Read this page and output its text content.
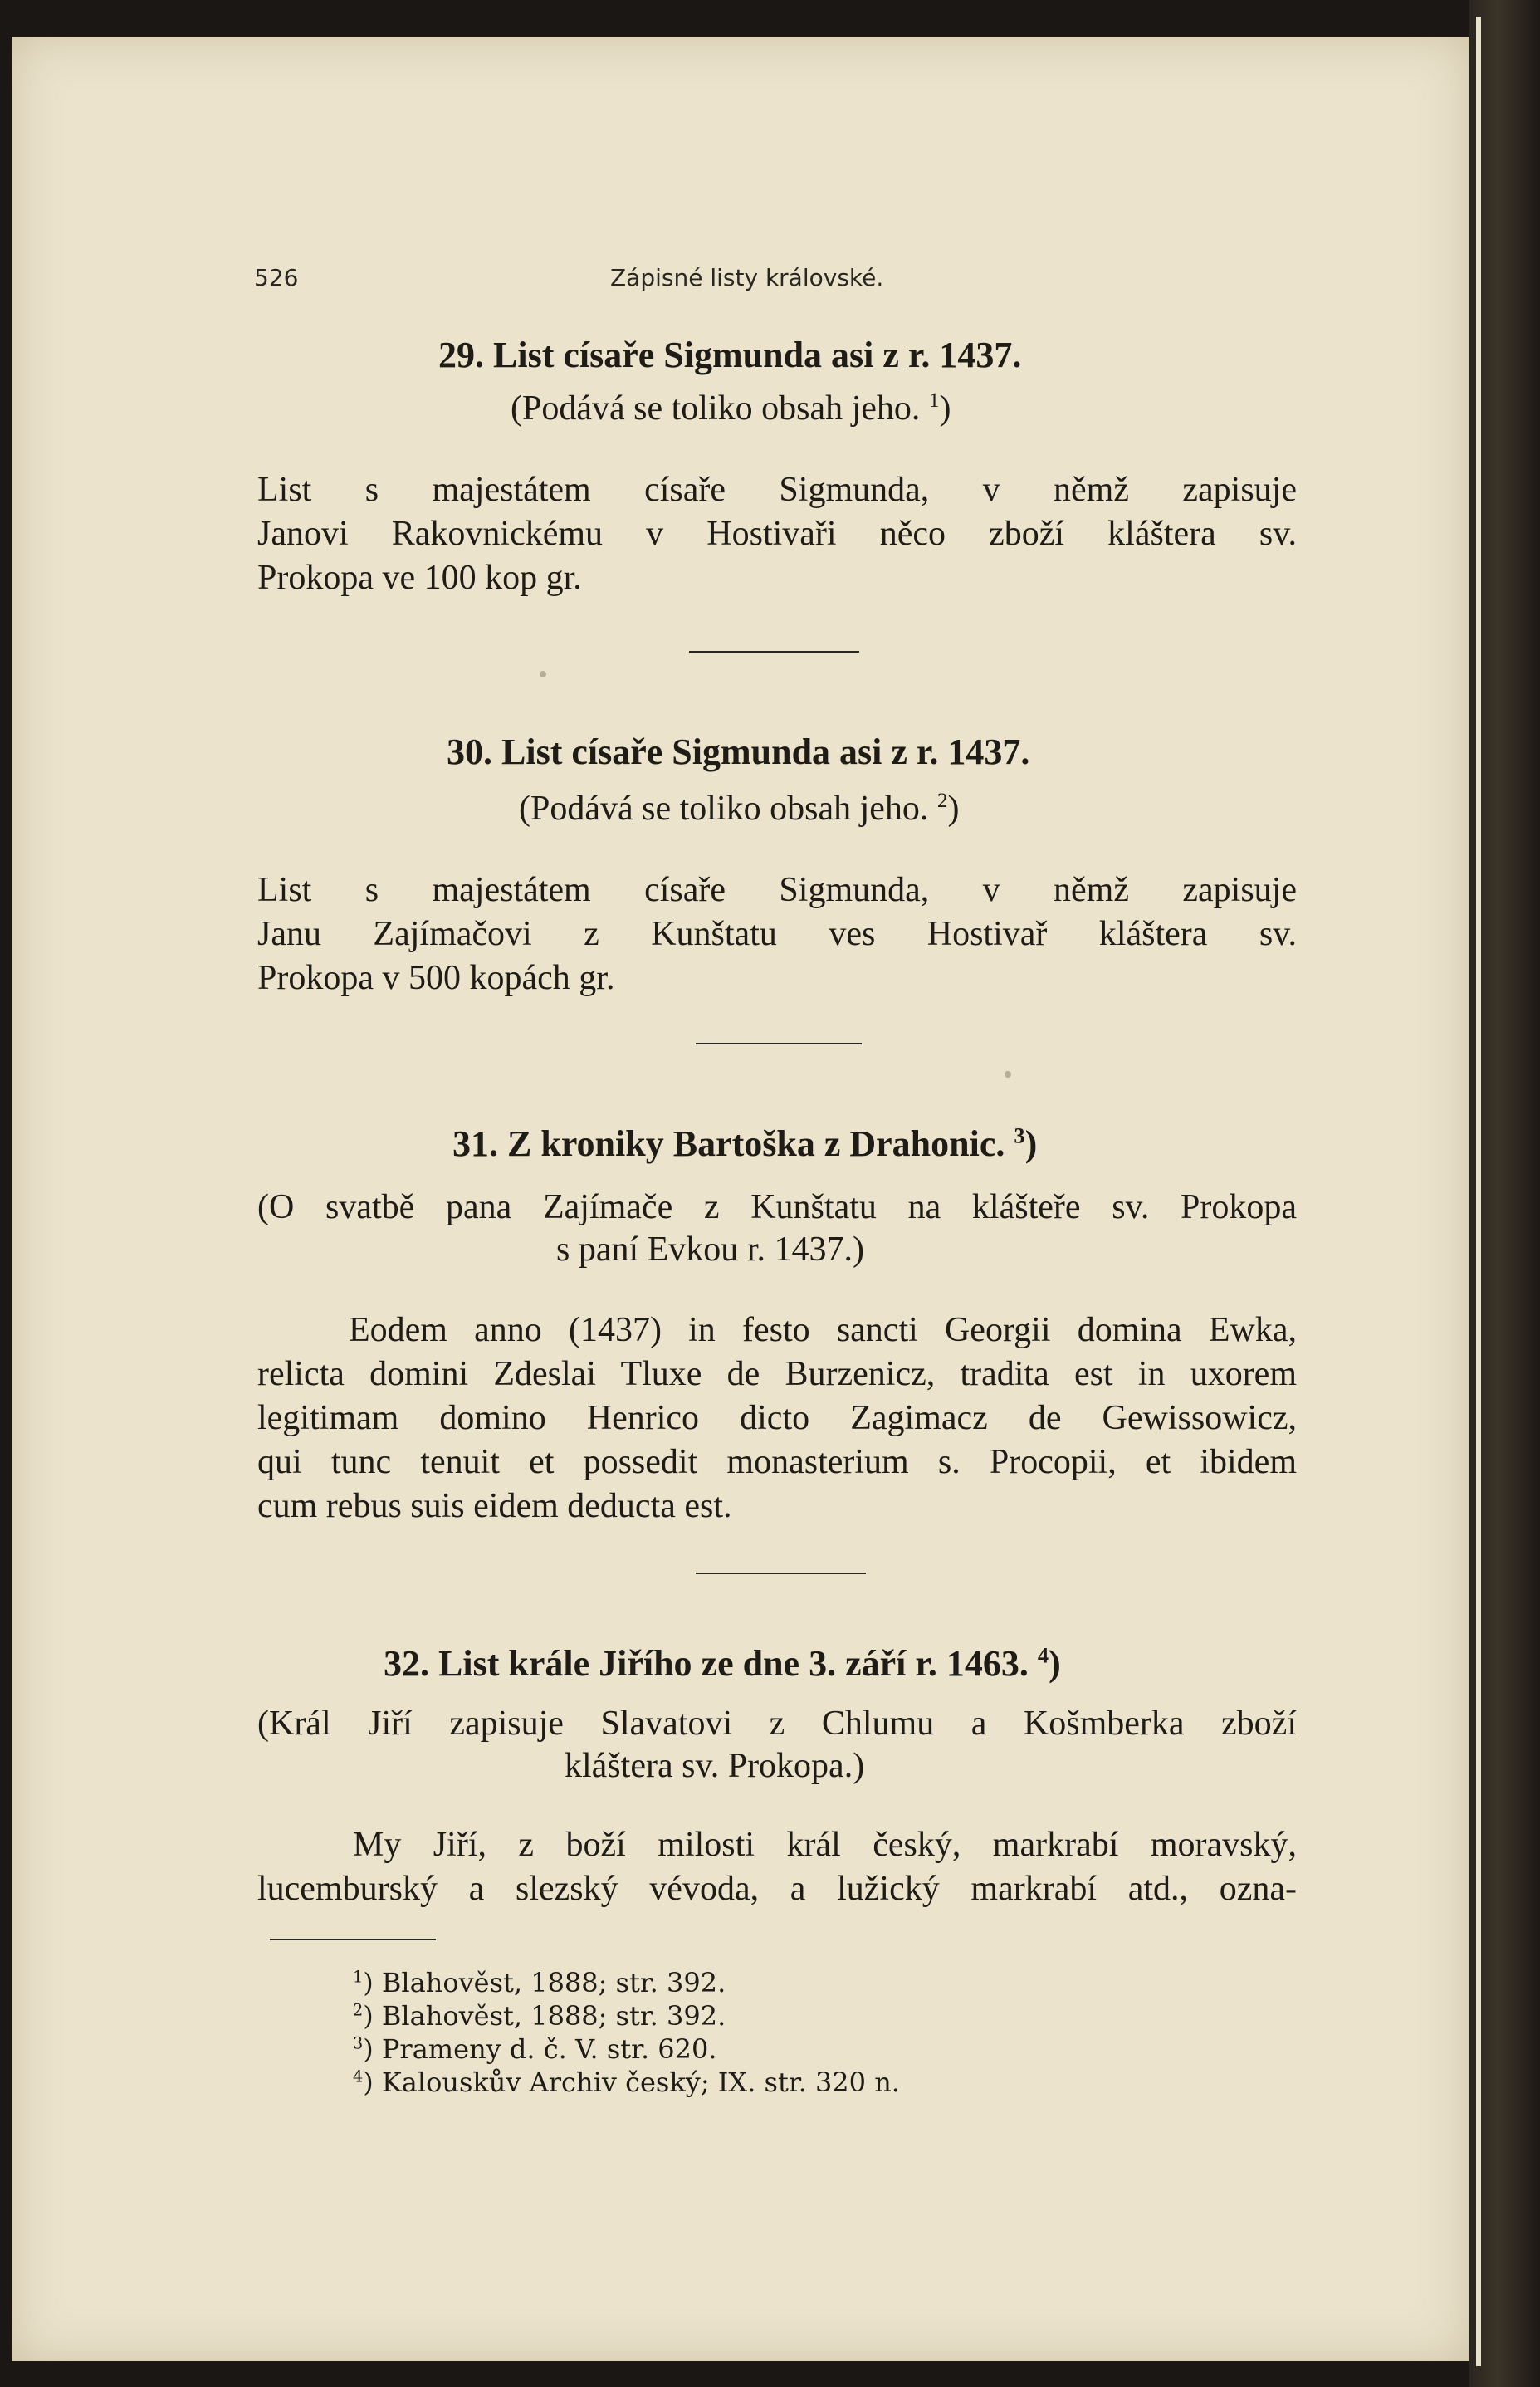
526	Zápisné listy královské.
29. List císaře Sigmunda asi z r. 1437.
(Podává se toliko obsah jeho. $^1$)
List s majestátem císaře Sigmunda, v němž zapisuje
Janovi Rakovnickému v Hostivaři něco zboží kláštera sv.
Prokopa ve 100 kop gr.
30. List císaře Sigmunda asi z r. 1437.
(Podává se toliko obsah jeho. $^2$)
List s majestátem císaře Sigmunda, v němž zapisuje
Janu Zajímačovi z Kunštatu ves Hostivař kláštera sv.
Prokopa v 500 kopách gr.
31. Z kroniky Bartoška z Drahonic. $^3$)
(O svatbě pana Zajímače z Kunštatu na klášteře sv. Prokopa
s paní Evkou r. 1437.)
Eodem anno (1437) in festo sancti Georgii domina Ewka,
relicta domini Zdeslai Tluxe de Burzenicz, tradita est in uxorem
legitimam domino Henrico dicto Zagimacz de Gewissowicz,
qui tunc tenuit et possedit monasterium s. Procopii, et ibidem
cum rebus suis eidem deducta est.
32. List krále Jiřího ze dne 3. září r. 1463. $^4$)
(Král Jiří zapisuje Slavatovi z Chlumu a Košmberka zboží
kláštera sv. Prokopa.)
My Jiří, z boží milosti král český, markrabí moravský,
lucemburský a slezský vévoda, a lužický markrabí atd., ozna-
$^1$) Blahověst, 1888; str. 392.
$^2$) Blahověst, 1888; str. 392.
$^3$) Prameny d. č. V. str. 620.
$^4$) Kalouskův Archiv český; IX. str. 320 n.
